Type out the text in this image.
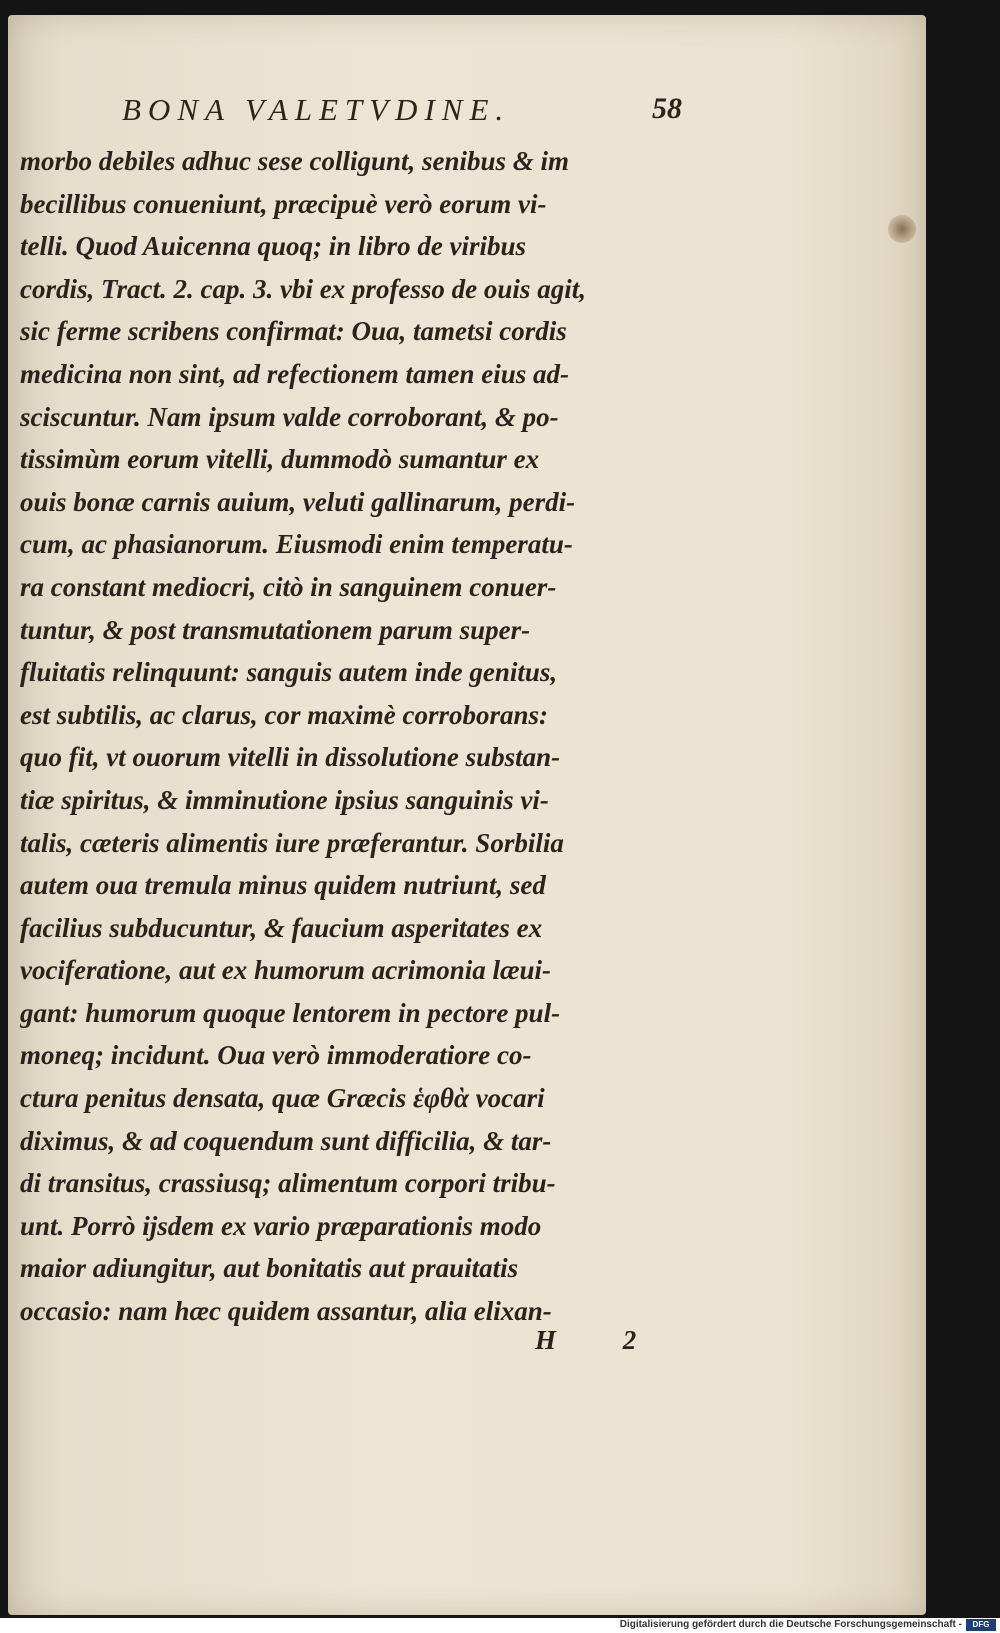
BONA VALETVDINE.	58
morbo debiles adhuc sese colligunt, senibus & im
becillibus conueniunt, præcipuè verò eorum vi-
telli. Quod Auicenna quoq; in libro de viribus
cordis, Tract. 2. cap. 3. vbi ex professo de ouis agit,
sic ferme scribens confirmat: Oua, tametsi cordis
medicina non sint, ad refectionem tamen eius ad-
sciscuntur. Nam ipsum valde corroborant, & po-
tissimùm eorum vitelli, dummodò sumantur ex
ouis bonæ carnis auium, veluti gallinarum, perdi-
cum, ac phasianorum. Eiusmodi enim temperatu-
ra constant mediocri, citò in sanguinem conuer-
tuntur, & post transmutationem parum super-
fluitatis relinquunt: sanguis autem inde genitus,
est subtilis, ac clarus, cor maximè corroborans:
quo fit, vt ouorum vitelli in dissolutione substan-
tiæ spiritus, & imminutione ipsius sanguinis vi-
talis, cæteris alimentis iure præferantur. Sorbilia
autem oua tremula minus quidem nutriunt, sed
facilius subducuntur, & faucium asperitates ex
vociferatione, aut ex humorum acrimonia læui-
gant: humorum quoque lentorem in pectore pul-
moneq; incidunt. Oua verò immoderatiore co-
ctura penitus densata, quæ Græcis ἑφθὰ vocari
diximus, & ad coquendum sunt difficilia, & tar-
di transitus, crassiusq; alimentum corpori tribu-
unt. Porrò ijsdem ex vario præparationis modo
maior adiungitur, aut bonitatis aut prauitatis
occasio: nam hæc quidem assantur, alia elixan-
H 2
Digitalisierung gefördert durch die Deutsche Forschungsgemeinschaft -	DFG
